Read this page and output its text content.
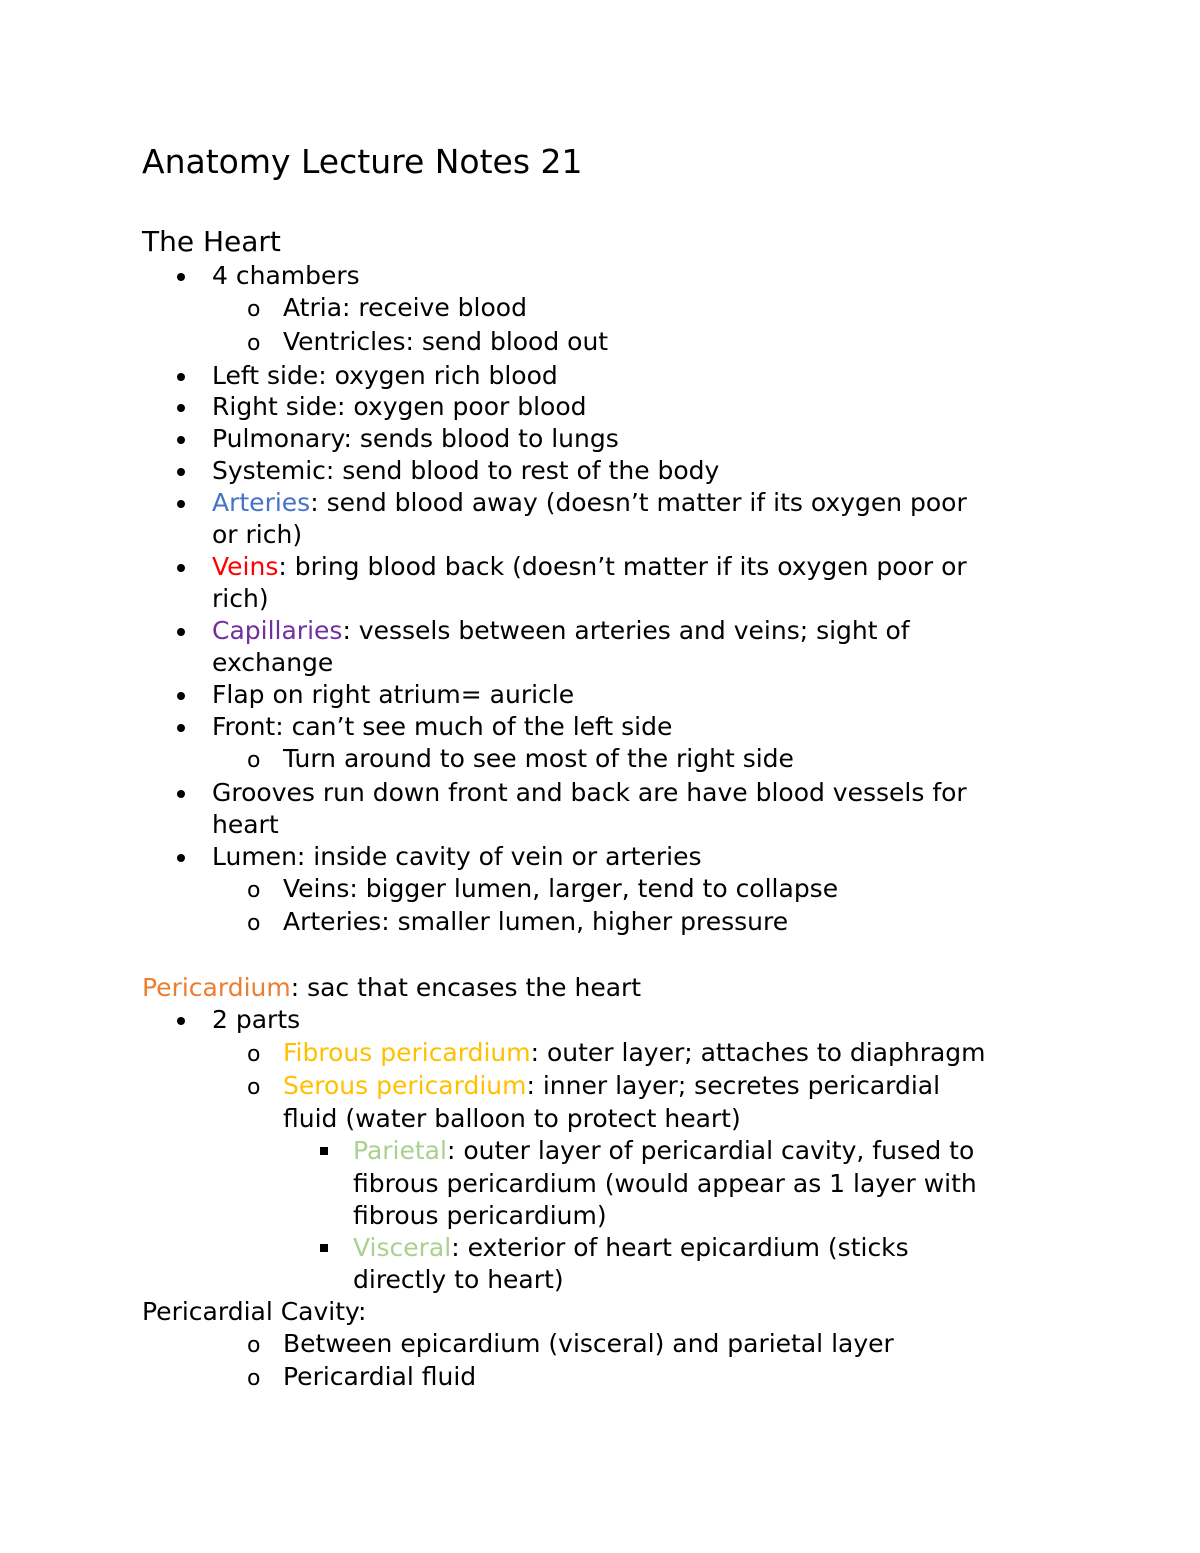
Anatomy Lecture Notes 21
The Heart
4 chambers
o Atria: receive blood
o Ventricles: send blood out
Left side: oxygen rich blood
Right side: oxygen poor blood
Pulmonary: sends blood to lungs
Systemic: send blood to rest of the body
Arteries: send blood away (doesn’t matter if its oxygen poor
or rich)
Veins: bring blood back (doesn’t matter if its oxygen poor or
rich)
Capillaries: vessels between arteries and veins; sight of
exchange
Flap on right atrium= auricle
Front: can’t see much of the left side
o Turn around to see most of the right side
Grooves run down front and back are have blood vessels for
heart
Lumen: inside cavity of vein or arteries
o Veins: bigger lumen, larger, tend to collapse
o Arteries: smaller lumen, higher pressure
Pericardium: sac that encases the heart
2 parts
o Fibrous pericardium: outer layer; attaches to diaphragm
o Serous pericardium: inner layer; secretes pericardial
fluid (water balloon to protect heart)
Parietal: outer layer of pericardial cavity, fused to
fibrous pericardium (would appear as 1 layer with
fibrous pericardium)
Visceral: exterior of heart epicardium (sticks
directly to heart)
Pericardial Cavity:
o Between epicardium (visceral) and parietal layer
o Pericardial fluid
